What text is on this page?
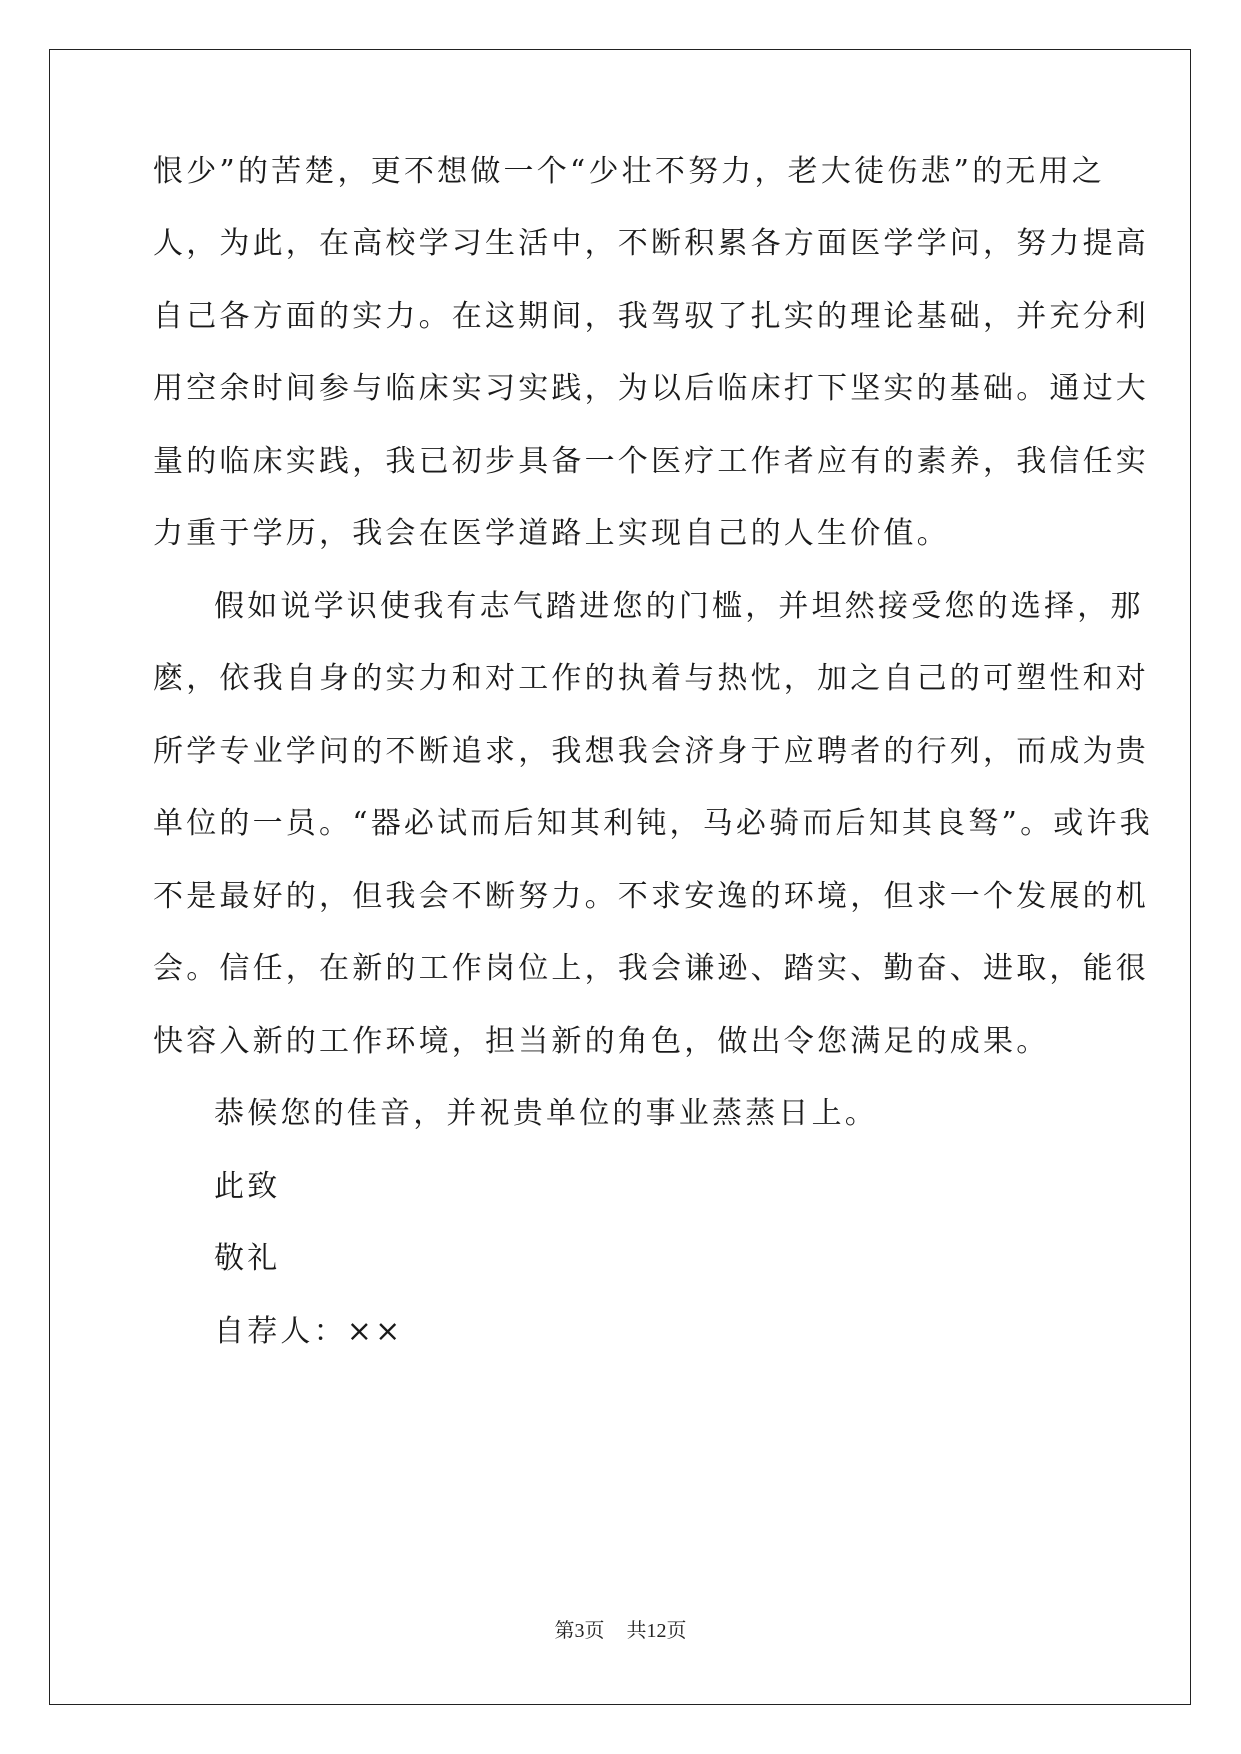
恨少”的苦楚，更不想做一个“少壮不努力，老大徒伤悲”的无用之
人，为此，在高校学习生活中，不断积累各方面医学学问，努力提高
自己各方面的实力。在这期间，我驾驭了扎实的理论基础，并充分利
用空余时间参与临床实习实践，为以后临床打下坚实的基础。通过大
量的临床实践，我已初步具备一个医疗工作者应有的素养，我信任实
力重于学历，我会在医学道路上实现自己的人生价值。
假如说学识使我有志气踏进您的门槛，并坦然接受您的选择，那
麽，依我自身的实力和对工作的执着与热忱，加之自己的可塑性和对
所学专业学问的不断追求，我想我会济身于应聘者的行列，而成为贵
单位的一员。“器必试而后知其利钝，马必骑而后知其良驽”。或许我
不是最好的，但我会不断努力。不求安逸的环境，但求一个发展的机
会。信任，在新的工作岗位上，我会谦逊、踏实、勤奋、进取，能很
快容入新的工作环境，担当新的角色，做出令您满足的成果。
恭候您的佳音，并祝贵单位的事业蒸蒸日上。
此致
敬礼
自荐人：××
第3页 共12页
